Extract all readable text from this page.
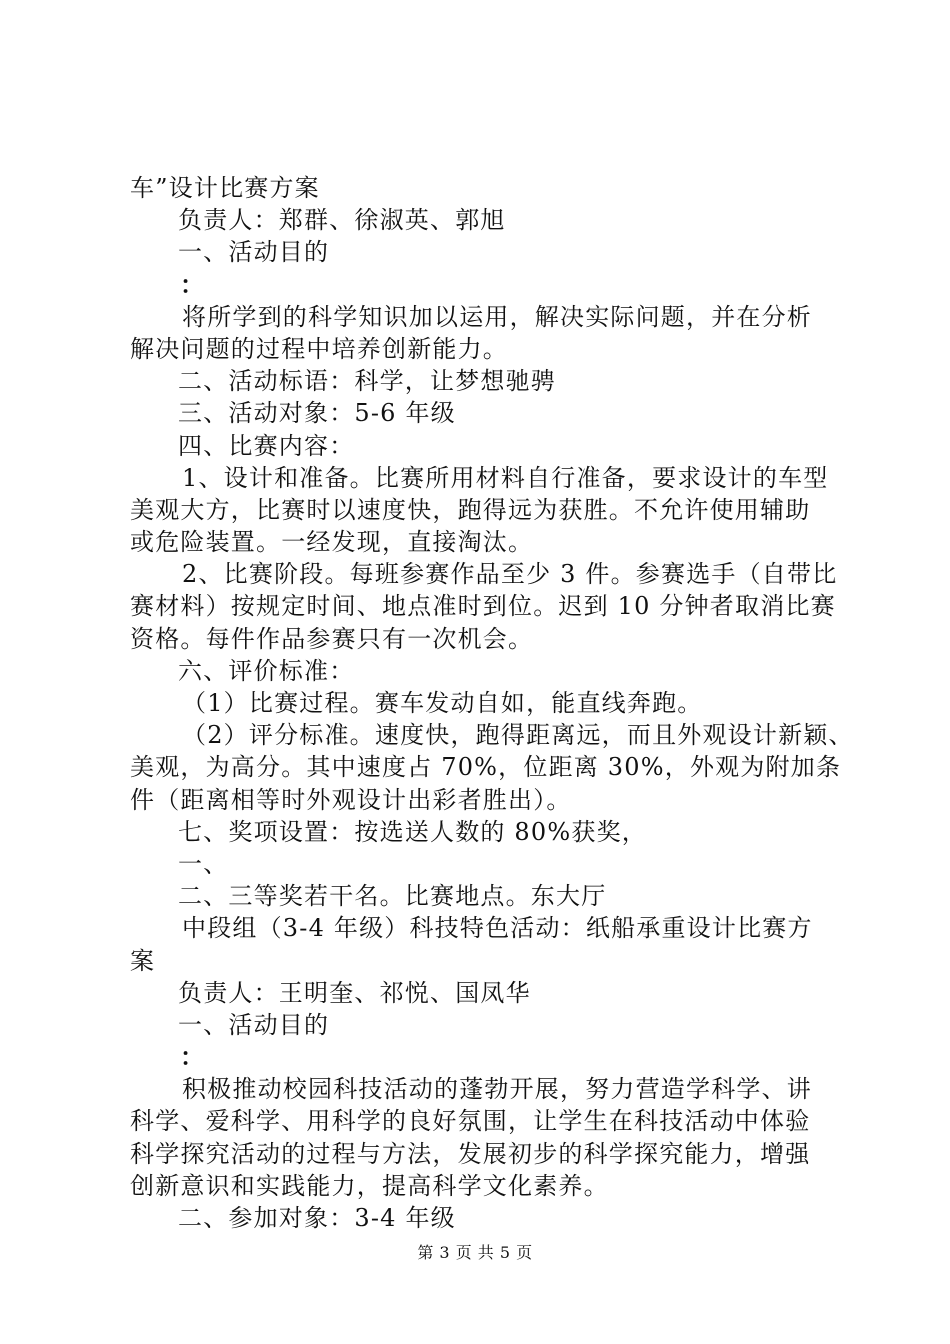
车”设计比赛方案
负责人：郑群、徐淑英、郭旭
一、活动目的
：
将所学到的科学知识加以运用，解决实际问题，并在分析
解决问题的过程中培养创新能力。
二、活动标语：科学，让梦想驰骋
三、活动对象：5-6 年级
四、比赛内容：
1、设计和准备。比赛所用材料自行准备，要求设计的车型
美观大方，比赛时以速度快，跑得远为获胜。不允许使用辅助
或危险装置。一经发现，直接淘汰。
2、比赛阶段。每班参赛作品至少 3 件。参赛选手（自带比
赛材料）按规定时间、地点准时到位。迟到 10 分钟者取消比赛
资格。每件作品参赛只有一次机会。
六、评价标准：
（1）比赛过程。赛车发动自如，能直线奔跑。
（2）评分标准。速度快，跑得距离远，而且外观设计新颖、
美观，为高分。其中速度占 70%，位距离 30%，外观为附加条
件（距离相等时外观设计出彩者胜出）。
七、奖项设置：按选送人数的 80%获奖，
一、
二、三等奖若干名。比赛地点。东大厅
中段组（3-4 年级）科技特色活动：纸船承重设计比赛方
案
负责人：王明奎、祁悦、国凤华
一、活动目的
：
积极推动校园科技活动的蓬勃开展，努力营造学科学、讲
科学、爱科学、用科学的良好氛围，让学生在科技活动中体验
科学探究活动的过程与方法，发展初步的科学探究能力，增强
创新意识和实践能力，提高科学文化素养。
二、参加对象：3-4 年级
第 3 页 共 5 页
